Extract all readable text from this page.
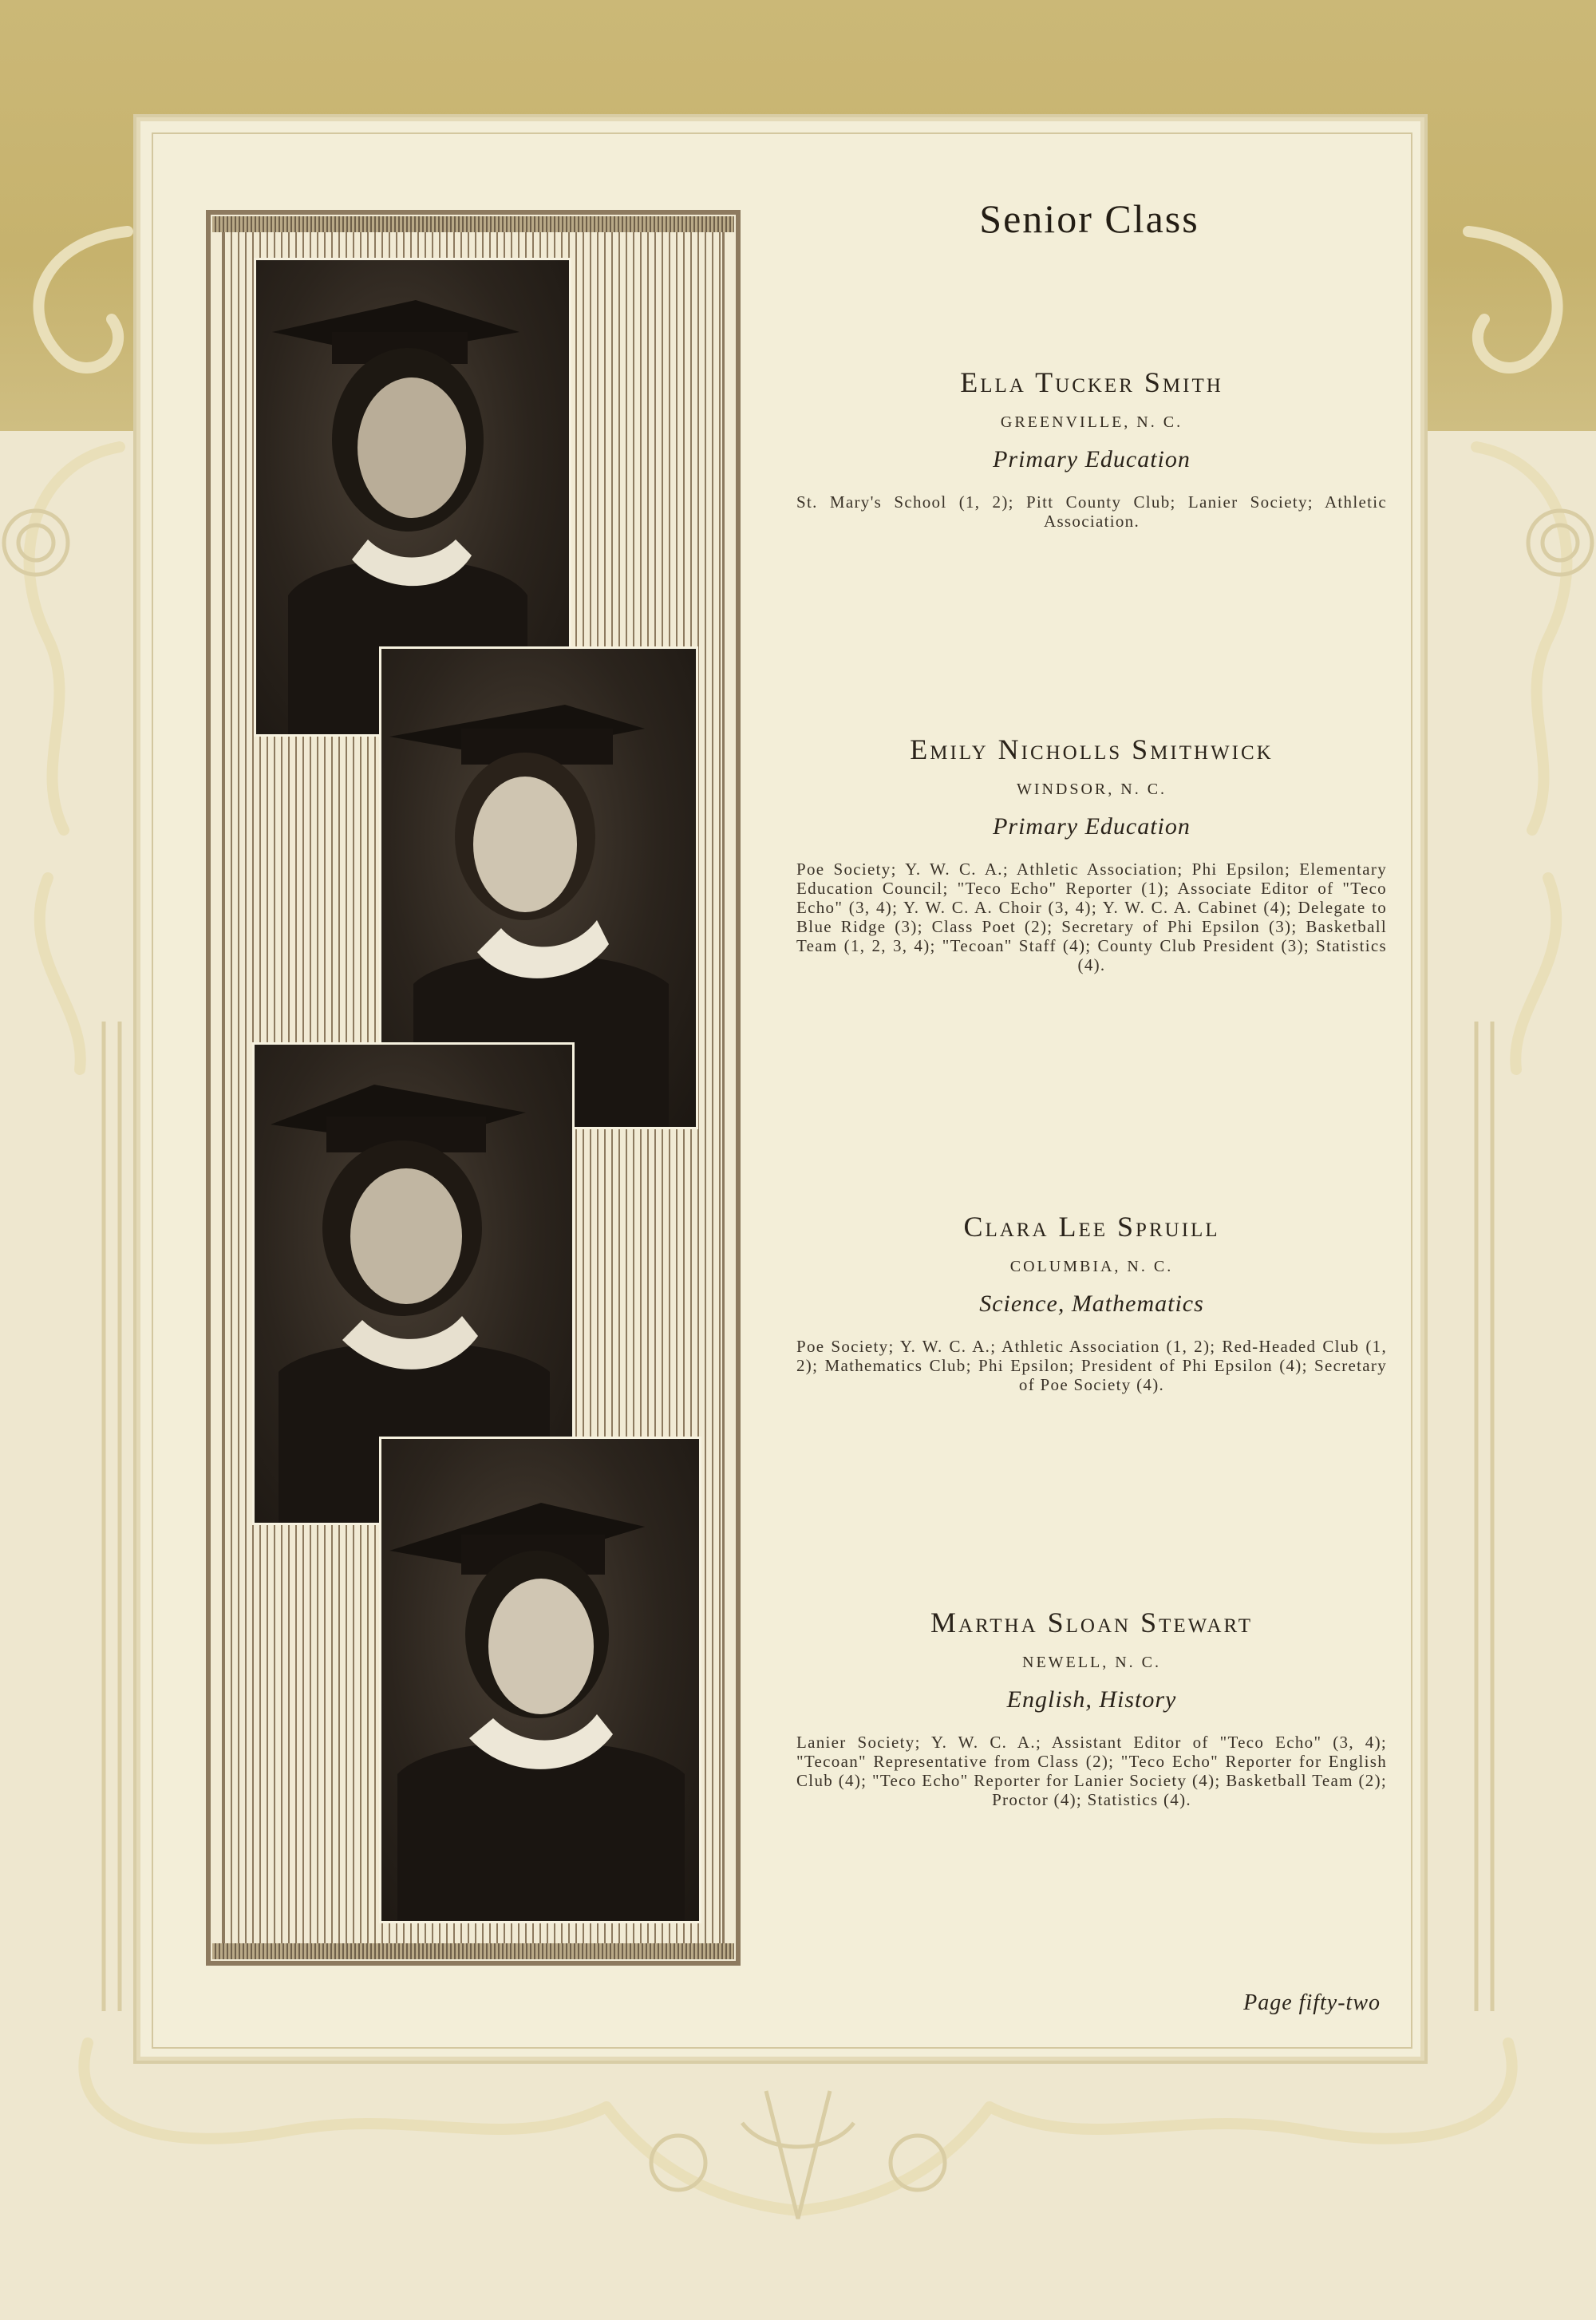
Senior Class
Ella Tucker Smith
GREENVILLE, N. C.
Primary Education
St. Mary's School (1, 2); Pitt County Club; Lanier Society; Athletic Association.
Emily Nicholls Smithwick
WINDSOR, N. C.
Primary Education
Poe Society; Y. W. C. A.; Athletic Association; Phi Epsilon; Elementary Education Council; "Teco Echo" Reporter (1); Associate Editor of "Teco Echo" (3, 4); Y. W. C. A. Choir (3, 4); Y. W. C. A. Cabinet (4); Delegate to Blue Ridge (3); Class Poet (2); Secretary of Phi Epsilon (3); Basketball Team (1, 2, 3, 4); "Tecoan" Staff (4); County Club President (3); Statistics (4).
Clara Lee Spruill
COLUMBIA, N. C.
Science, Mathematics
Poe Society; Y. W. C. A.; Athletic Association (1, 2); Red-Headed Club (1, 2); Mathematics Club; Phi Epsilon; President of Phi Epsilon (4); Secretary of Poe Society (4).
Martha Sloan Stewart
NEWELL, N. C.
English, History
Lanier Society; Y. W. C. A.; Assistant Editor of "Teco Echo" (3, 4); "Tecoan" Representative from Class (2); "Teco Echo" Reporter for English Club (4); "Teco Echo" Reporter for Lanier Society (4); Basketball Team (2); Proctor (4); Statistics (4).
Page fifty-two
